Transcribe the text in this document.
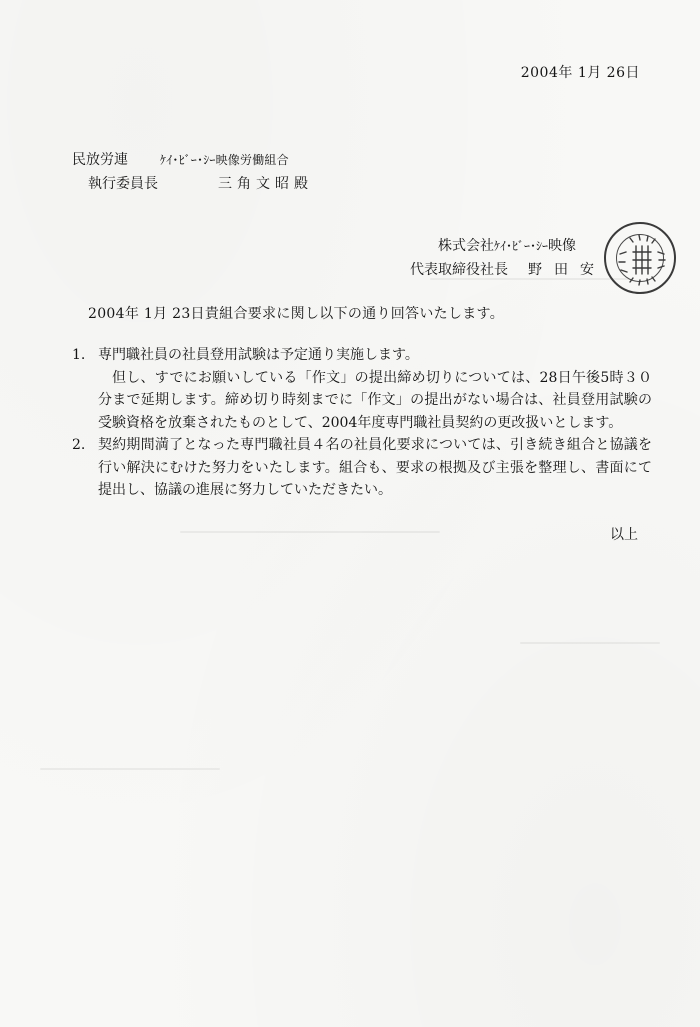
2004年 1月 26日
民放労連	ｹｲ･ﾋﾞｰ･ｼｰ映像労働組合
執行委員長	三角文昭殿
株式会社ｹｲ･ﾋﾞｰ･ｼｰ映像
代表取締役社長 野田安
2004年 1月 23日貴組合要求に関し以下の通り回答いたします。
1. 専門職社員の社員登用試験は予定通り実施します。
但し、すでにお願いしている「作文」の提出締め切りについては、28日午後5時３０分まで延期します。締め切り時刻までに「作文」の提出がない場合は、社員登用試験の受験資格を放棄されたものとして、2004年度専門職社員契約の更改扱いとします。
2. 契約期間満了となった専門職社員４名の社員化要求については、引き続き組合と協議を行い解決にむけた努力をいたします。組合も、要求の根拠及び主張を整理し、書面にて提出し、協議の進展に努力していただきたい。
以上
